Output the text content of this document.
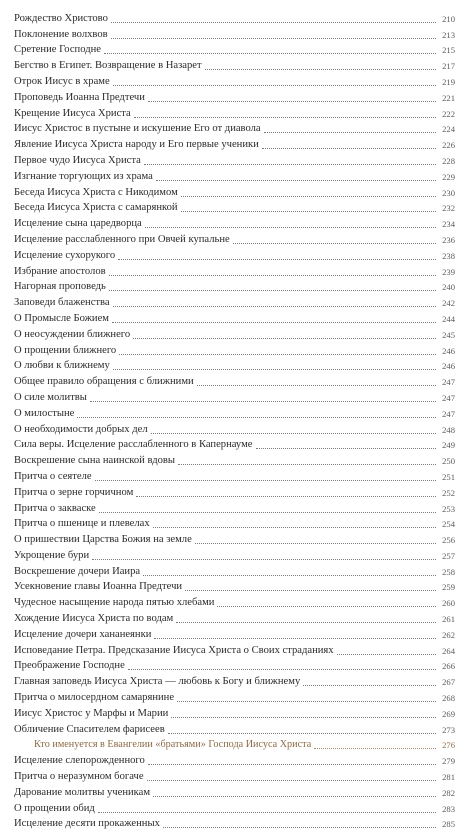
Рождество Христово	210
Поклонение волхвов	213
Сретение Господне	215
Бегство в Египет. Возвращение в Назарет	217
Отрок Иисус в храме	219
Проповедь Иоанна Предтечи	221
Крещение Иисуса Христа	222
Иисус Христос в пустыне и искушение Его от диавола	224
Явление Иисуса Христа народу и Его первые ученики	226
Первое чудо Иисуса Христа	228
Изгнание торгующих из храма	229
Беседа Иисуса Христа с Никодимом	230
Беседа Иисуса Христа с самарянкой	232
Исцеление сына царедворца	234
Исцеление расслабленного при Овчей купальне	236
Исцеление сухорукого	238
Избрание апостолов	239
Нагорная проповедь	240
Заповеди блаженства	242
О Промысле Божием	244
О неосуждении ближнего	245
О прощении ближнего	246
О любви к ближнему	246
Общее правило обращения с ближними	247
О силе молитвы	247
О милостыне	247
О необходимости добрых дел	248
Сила веры. Исцеление расслабленного в Капернауме	249
Воскрешение сына наинской вдовы	250
Притча о сеятеле	251
Притча о зерне горчичном	252
Притча о закваске	253
Притча о пшенице и плевелах	254
О пришествии Царства Божия на земле	256
Укрощение бури	257
Воскрешение дочери Иаира	258
Усекновение главы Иоанна Предтечи	259
Чудесное насыщение народа пятью хлебами	260
Хождение Иисуса Христа по водам	261
Исцеление дочери хананеянки	262
Исповедание Петра. Предсказание Иисуса Христа о Своих страданиях	264
Преображение Господне	266
Главная заповедь Иисуса Христа — любовь к Богу и ближнему	267
Притча о милосердном самарянине	268
Иисус Христос у Марфы и Марии	269
Обличение Спасителем фарисеев	273
Кто именуется в Евангелии «братьями» Господа Иисуса Христа	276
Исцеление слепорожденного	279
Притча о неразумном богаче	281
Дарование молитвы ученикам	282
О прощении обид	283
Исцеление десяти прокаженных	285
